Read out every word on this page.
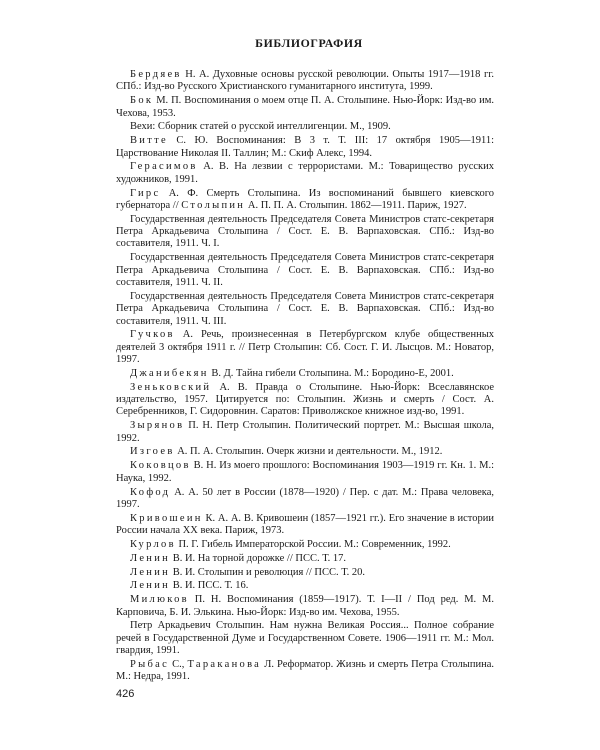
БИБЛИОГРАФИЯ

Бердяев Н. А. Духовные основы русской революции. Опыты 1917—1918 гг. СПб.: Изд-во Русского Христианского гуманитарного института, 1999.

Бок М. П. Воспоминания о моем отце П. А. Столыпине. Нью-Йорк: Изд-во им. Чехова, 1953.

Вехи: Сборник статей о русской интеллигенции. М., 1909.

Витте С. Ю. Воспоминания: В 3 т. Т. III: 17 октября 1905—1911: Царствование Николая II. Таллин; М.: Скиф Алекс, 1994.

Герасимов А. В. На лезвии с террористами. М.: Товарищество русских художников, 1991.

Гирс А. Ф. Смерть Столыпина. Из воспоминаний бывшего киевского губернатора // Столыпин А. П. П. А. Столыпин. 1862—1911. Париж, 1927.

Государственная деятельность Председателя Совета Министров статс-секретаря Петра Аркадьевича Столыпина / Сост. Е. В. Варпаховская. СПб.: Изд-во составителя, 1911. Ч. I.

Государственная деятельность Председателя Совета Министров статс-секретаря Петра Аркадьевича Столыпина / Сост. Е. В. Варпаховская. СПб.: Изд-во составителя, 1911. Ч. II.

Государственная деятельность Председателя Совета Министров статс-секретаря Петра Аркадьевича Столыпина / Сост. Е. В. Варпаховская. СПб.: Изд-во составителя, 1911. Ч. III.

Гучков А. Речь, произнесенная в Петербургском клубе общественных деятелей 3 октября 1911 г. // Петр Столыпин: Сб. Сост. Г. И. Лысцов. М.: Новатор, 1997.

Джанибекян В. Д. Тайна гибели Столыпина. М.: Бородино-Е, 2001.

Зеньковский А. В. Правда о Столыпине. Нью-Йорк: Всеславянское издательство, 1957. Цитируется по: Столыпин. Жизнь и смерть / Сост. А. Серебренников, Г. Сидоровнин. Саратов: Приволжское книжное изд-во, 1991.

Зырянов П. Н. Петр Столыпин. Политический портрет. М.: Высшая школа, 1992.

Изгоев А. П. А. Столыпин. Очерк жизни и деятельности. М., 1912.

Коковцов В. Н. Из моего прошлого: Воспоминания 1903—1919 гг. Кн. 1. М.: Наука, 1992.

Кофод А. А. 50 лет в России (1878—1920) / Пер. с дат. М.: Права человека, 1997.

Кривошеин К. А. А. В. Кривошеин (1857—1921 гг.). Его значение в истории России начала XX века. Париж, 1973.

Курлов П. Г. Гибель Императорской России. М.: Современник, 1992.

Ленин В. И. На торной дорожке // ПСС. Т. 17.

Ленин В. И. Столыпин и революция // ПСС. Т. 20.

Ленин В. И. ПСС. Т. 16.

Милюков П. Н. Воспоминания (1859—1917). Т. I—II / Под ред. М. М. Карповича, Б. И. Элькина. Нью-Йорк: Изд-во им. Чехова, 1955.

Петр Аркадьевич Столыпин. Нам нужна Великая Россия... Полное собрание речей в Государственной Думе и Государственном Совете. 1906—1911 гг. М.: Мол. гвардия, 1991.

Рыбас С., Тараканова Л. Реформатор. Жизнь и смерть Петра Столыпина. М.: Недра, 1991.

426
